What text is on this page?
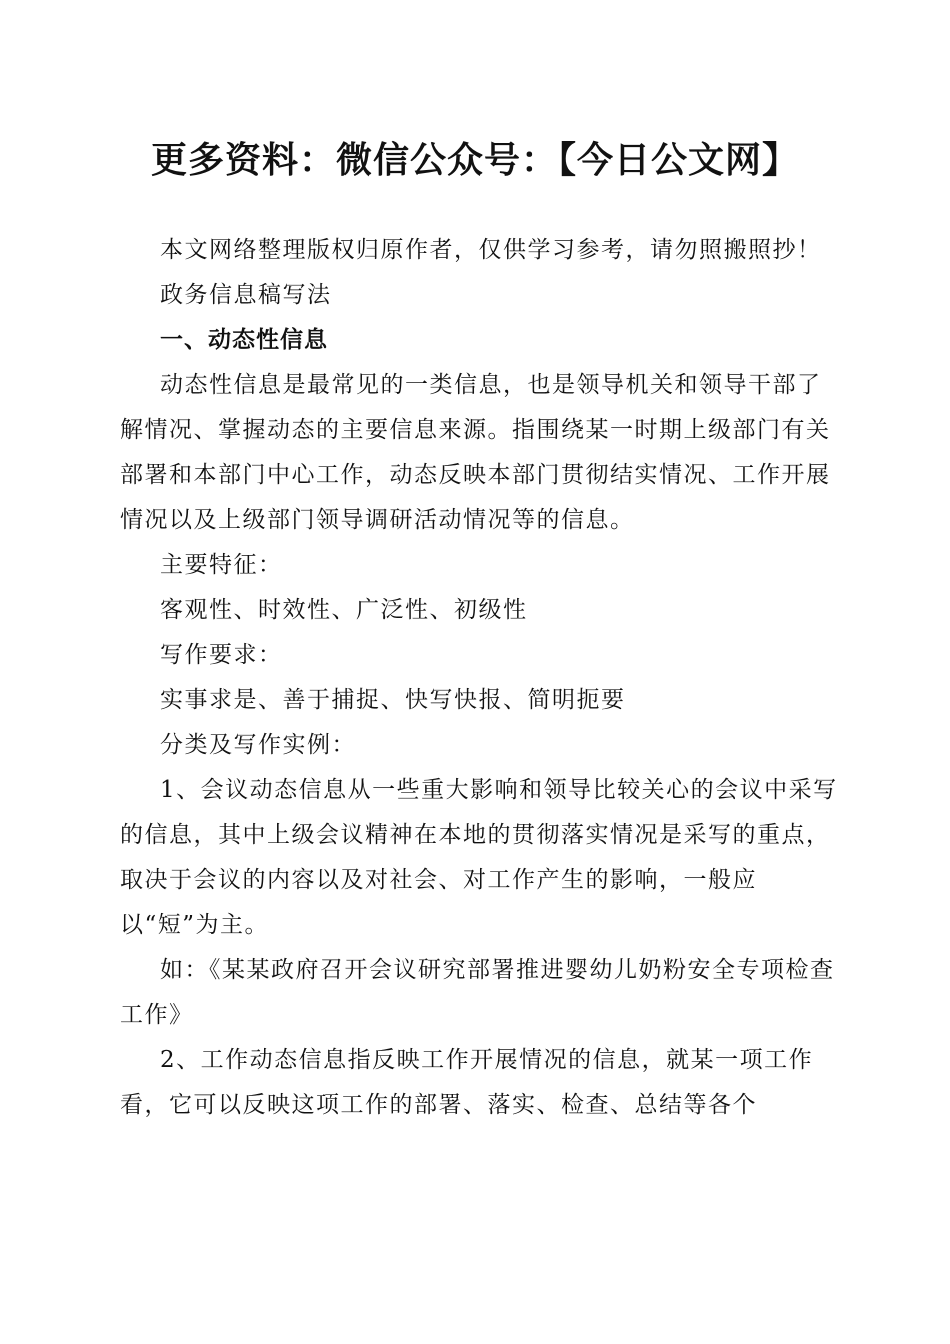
更多资料：微信公众号：【今日公文网】

本文网络整理版权归原作者，仅供学习参考，请勿照搬照抄！

政务信息稿写法

一、动态性信息

动态性信息是最常见的一类信息，也是领导机关和领导干部了解情况、掌握动态的主要信息来源。指围绕某一时期上级部门有关部署和本部门中心工作，动态反映本部门贯彻结实情况、工作开展情况以及上级部门领导调研活动情况等的信息。

主要特征：

客观性、时效性、广泛性、初级性

写作要求：

实事求是、善于捕捉、快写快报、简明扼要

分类及写作实例：

1、会议动态信息从一些重大影响和领导比较关心的会议中采写的信息，其中上级会议精神在本地的贯彻落实情况是采写的重点，取决于会议的内容以及对社会、对工作产生的影响，一般应以“短”为主。

如：《某某政府召开会议研究部署推进婴幼儿奶粉安全专项检查工作》

2、工作动态信息指反映工作开展情况的信息，就某一项工作看，它可以反映这项工作的部署、落实、检查、总结等各个
